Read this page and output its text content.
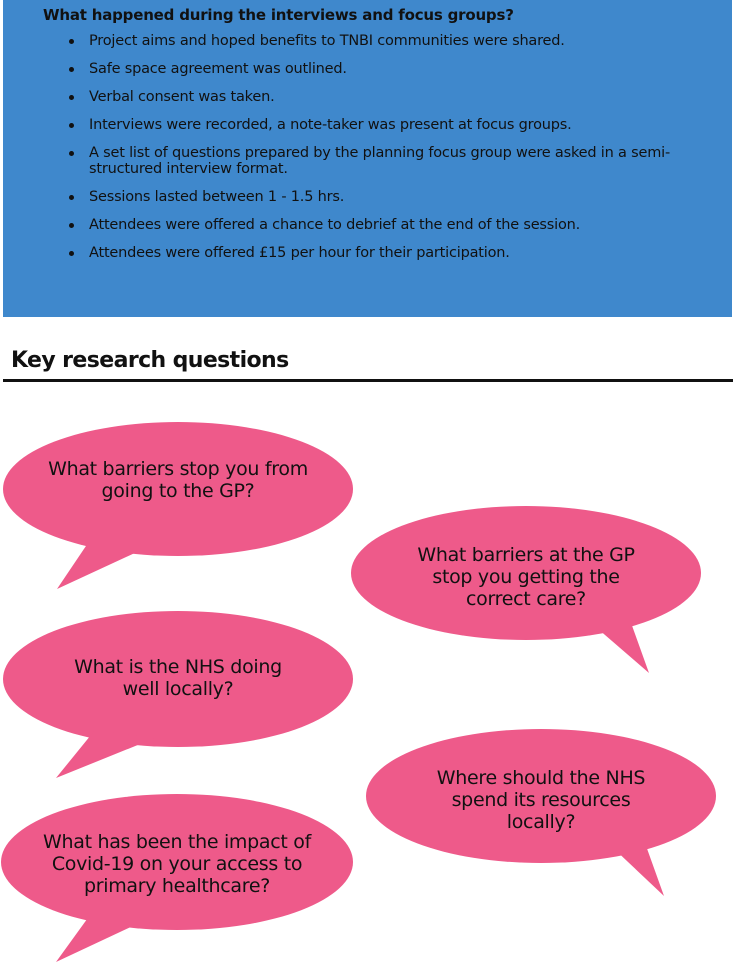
What happened during the interviews and focus groups?

Project aims and hoped benefits to TNBI communities were shared.
Safe space agreement was outlined.
Verbal consent was taken.
Interviews were recorded, a note-taker was present at focus groups.
A set list of questions prepared by the planning focus group were asked in a semi-structured interview format.
Sessions lasted between 1 - 1.5 hrs.
Attendees were offered a chance to debrief at the end of the session.
Attendees were offered £15 per hour for their participation.
Key research questions
What barriers stop you from going to the GP?
What barriers at the GP stop you getting the correct care?
What is the NHS doing well locally?
Where should the NHS spend its resources locally?
What has been the impact of Covid-19 on your access to primary healthcare?
